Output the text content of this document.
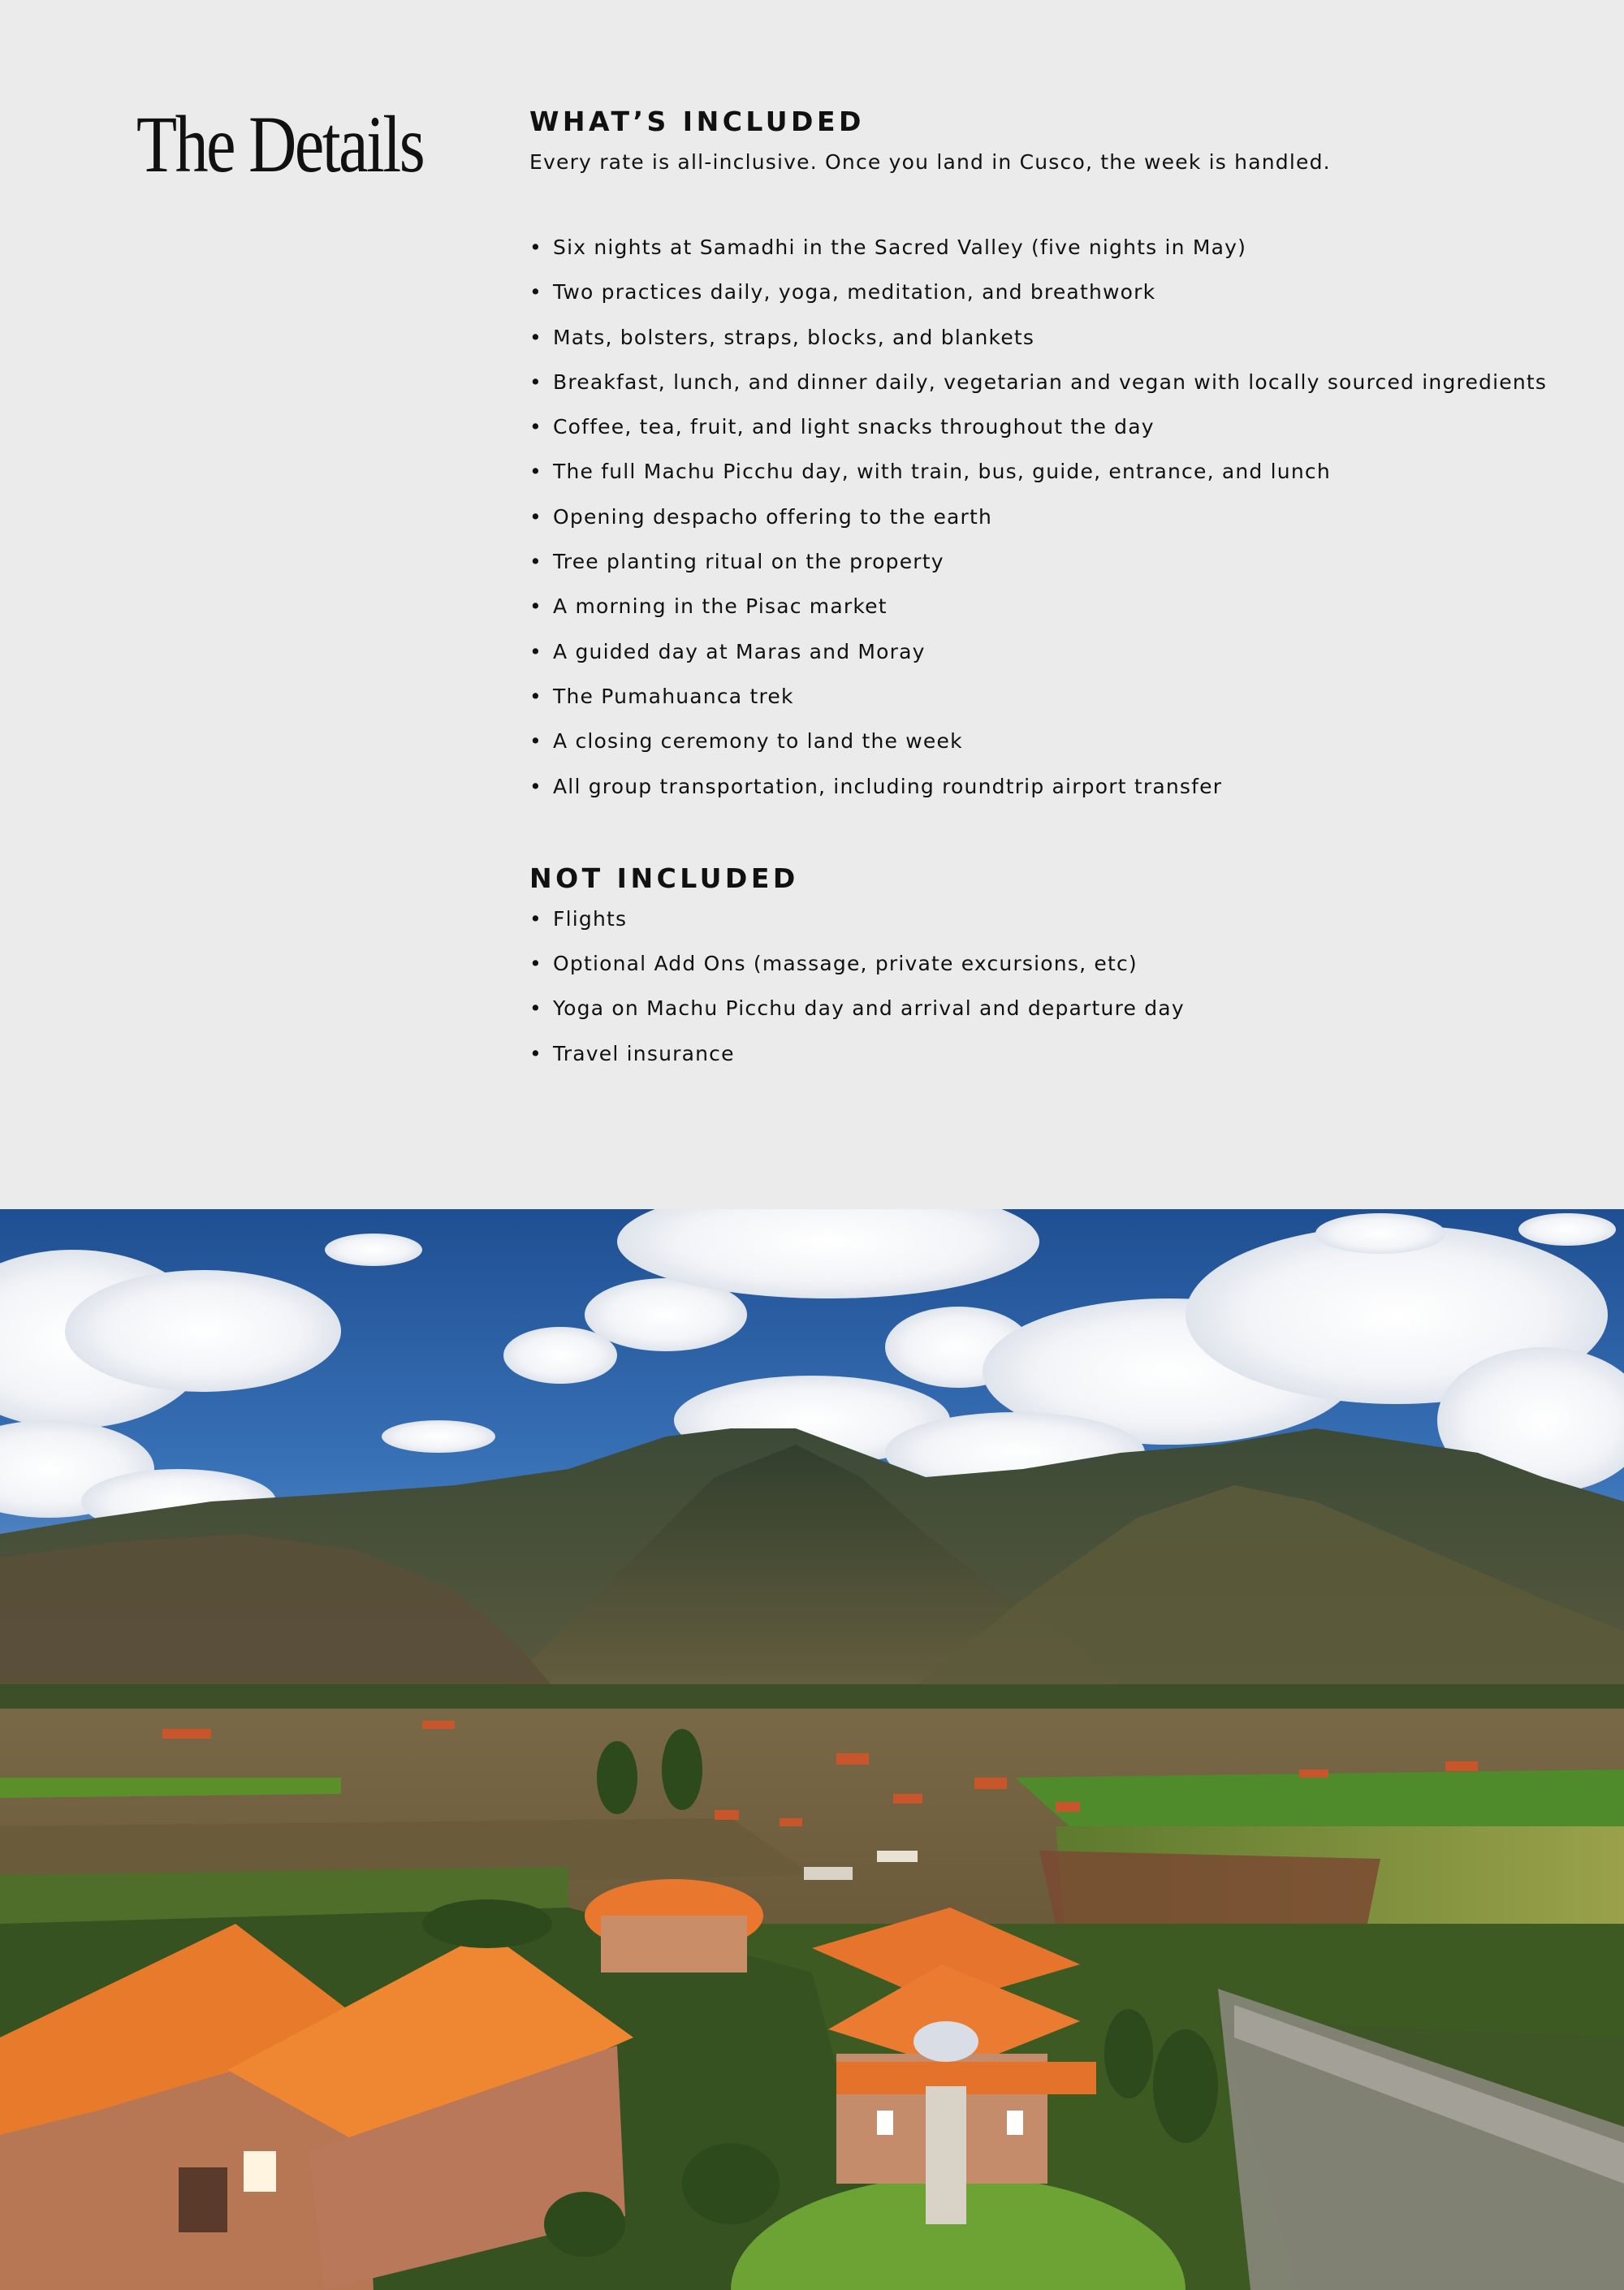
The Details	WHAT’S INCLUDED

Every rate is all-inclusive. Once you land in Cusco, the week is handled.

• Six nights at Samadhi in the Sacred Valley (five nights in May)
• Two practices daily, yoga, meditation, and breathwork
• Mats, bolsters, straps, blocks, and blankets
• Breakfast, lunch, and dinner daily, vegetarian and vegan with locally sourced ingredients
• Coffee, tea, fruit, and light snacks throughout the day
• The full Machu Picchu day, with train, bus, guide, entrance, and lunch
• Opening despacho offering to the earth
• Tree planting ritual on the property
• A morning in the Pisac market
• A guided day at Maras and Moray
• The Pumahuanca trek
• A closing ceremony to land the week
• All group transportation, including roundtrip airport transfer
NOT INCLUDED
• Flights
• Optional Add Ons (massage, private excursions, etc)
• Yoga on Machu Picchu day and arrival and departure day
• Travel insurance
